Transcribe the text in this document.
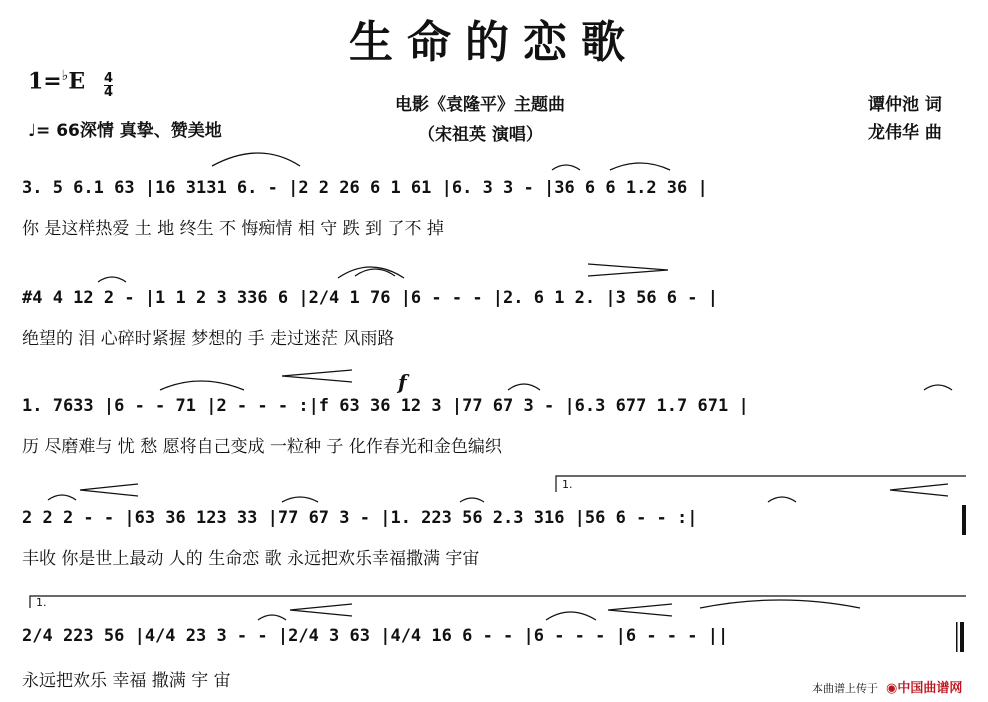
生命的恋歌
$1=^♭E \frac{4}{4}$
♩= 66深情 真挚、赞美地
电影《袁隆平》主题曲
（宋祖英 演唱）
谭仲池 词
龙伟华 曲
3. 5 6.1 63 |16 3131 6. - |2 2 26 6 1 61 |6. 3 3 - |36 6 6 1.2 36 |
你 是这样热爱 土 地 终生 不 悔痴情 相 守 跌 到 了不 掉
#4 4 12 2 - |1 1 2 3 336 6 |2/4 1 76 |6 - - - |2. 6 1 2. |3 56 6 - |
绝望的 泪 心碎时紧握 梦想的 手 走过迷茫 风雨路
f
1. 7633 |6 - - 71 |2 - - - :|f 63 36 12 3 |77 67 3 - |6.3 677 1.7 671 |
历 尽磨难与 忧 愁 愿将自己变成 一粒种 子 化作春光和金色编织
1.
2 2 2 - - |63 36 123 33 |77 67 3 - |1. 223 56 2.3 316 |56 6 - - :|
丰收 你是世上最动 人的 生命恋 歌 永远把欢乐幸福撒满 宇宙
1.
2/4 223 56 |4/4 23 3 - - |2/4 3 63 |4/4 16 6 - - |6 - - - |6 - - - ||
永远把欢乐 幸福 撒满 宇 宙	本曲谱上传于 ◉中国曲谱网
